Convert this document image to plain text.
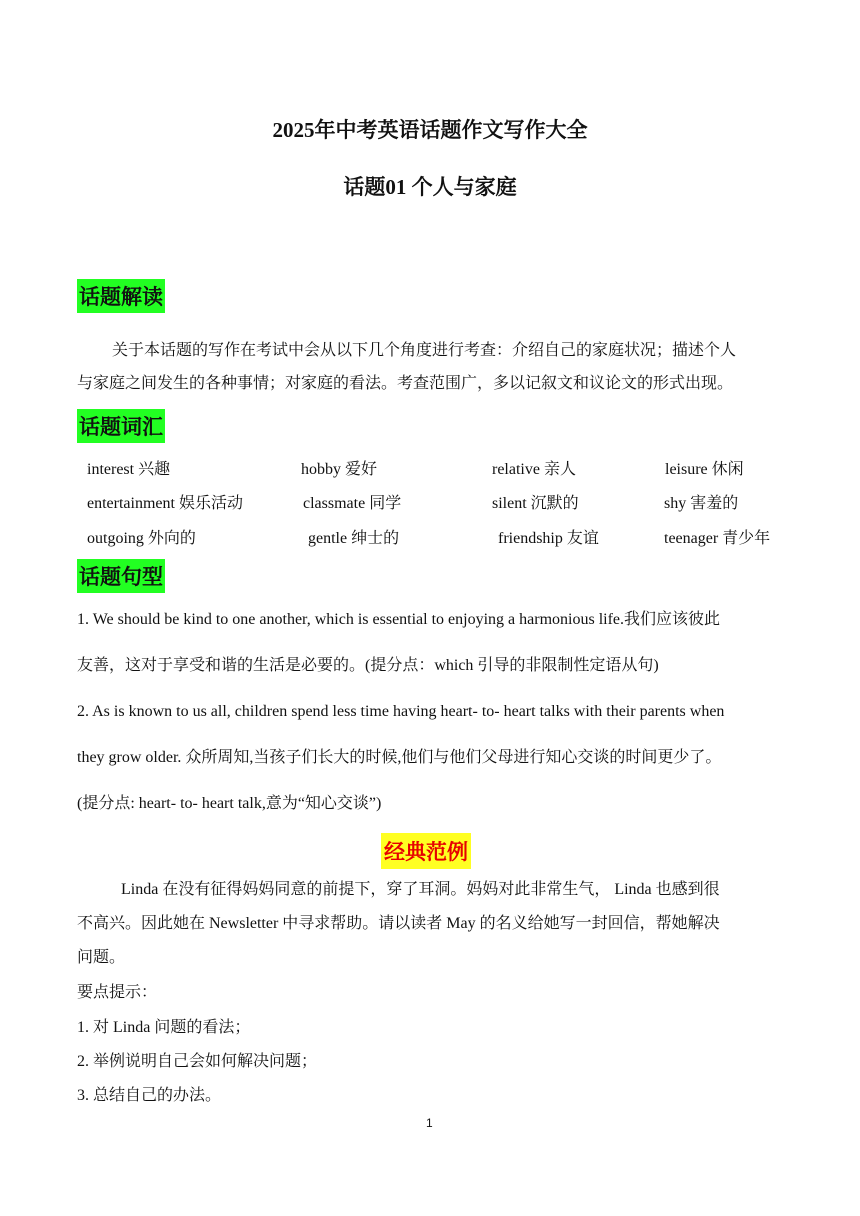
2025年中考英语话题作文写作大全
话题01 个人与家庭
话题解读
关于本话题的写作在考试中会从以下几个角度进行考查：介绍自己的家庭状况；描述个人
与家庭之间发生的各种事情；对家庭的看法。考查范围广，多以记叙文和议论文的形式出现。
话题词汇
interest 兴趣	hobby 爱好	relative 亲人	leisure 休闲
entertainment 娱乐活动	classmate 同学	silent 沉默的	shy 害羞的
outgoing 外向的	gentle 绅士的	friendship 友谊	teenager 青少年
话题句型
1. We should be kind to one another, which is essential to enjoying a harmonious life.我们应该彼此
友善，这对于享受和谐的生活是必要的。(提分点：which 引导的非限制性定语从句)
2. As is known to us all, children spend less time having heart- to- heart talks with their parents when
they grow older. 众所周知,当孩子们长大的时候,他们与他们父母进行知心交谈的时间更少了。
(提分点: heart- to- heart talk,意为“知心交谈”)
经典范例
Linda 在没有征得妈妈同意的前提下，穿了耳洞。妈妈对此非常生气， Linda 也感到很
不高兴。因此她在 Newsletter 中寻求帮助。请以读者 May 的名义给她写一封回信，帮她解决
问题。
要点提示：
1. 对 Linda 问题的看法；
2. 举例说明自己会如何解决问题；
3. 总结自己的办法。
1
